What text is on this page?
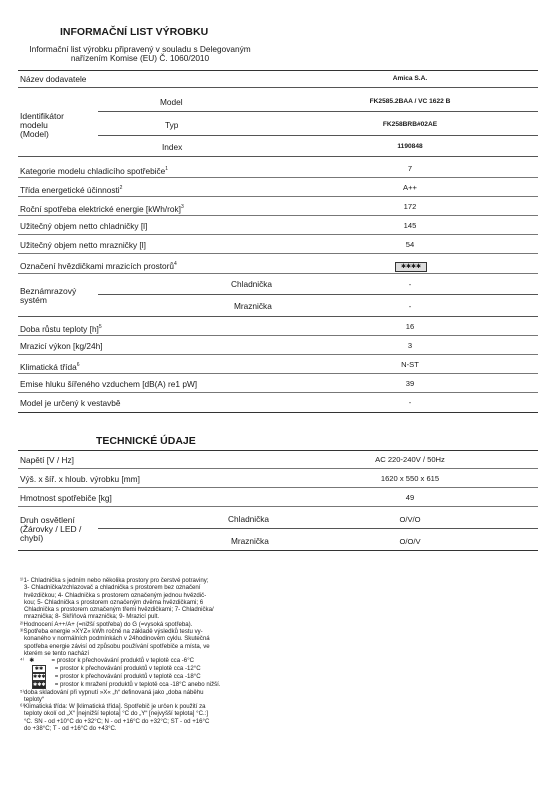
INFORMAČNÍ LIST VÝROBKU
Informační list výrobku připravený v souladu s Delegovaným
nařízením Komise (EU) Č. 1060/2010
Název dodavatele	Amica S.A.
Identifikátor
modelu
(Model)
Model	FK2585.2BAA / VC 1622 B
Typ	FK258BRB#02AE
Index	1190848
Kategorie modelu chladicího spotřebiče$^1$	7
Třída energetické účinnosti$^2$	A++
Roční spotřeba elektrické energie $[kWh/rok]^3$	172
Užitečný objem netto chladničky [l]	145
Užitečný objem netto mrazničky [l]	54
Označení hvězdičkami mrazicích prostorů$^4$	✱✱✱✱
Beznámrazový
systém
Chladnička	-
Mraznička	-
Doba růstu teploty $[h]^5$	16
Mrazicí výkon [kg/24h]	3
Klimatická třída$^6$	N-ST
Emise hluku šířeného vzduchem [dB(A) re1 pW]	39
Model je určený k vestavbě	-
TECHNICKÉ ÚDAJE
Napětí [V / Hz]	AC 220-240V / 50Hz
Výš. x šíř. x hloub. výrobku [mm]	1620 x 550 x 615
Hmotnost spotřebiče [kg]	49
Druh osvětlení
(Žárovky / LED /
chybí)
Chladnička	O/V/O
Mraznička	O/O/V
¹⁾1- Chladnička s jedním nebo několika prostory pro čerstvé potraviny;
3- Chladnička/zchlazovač a chladnička s prostorem bez označení
hvězdičkou; 4- Chladnička s prostorem označeným jednou hvězdič-
kou; 5- Chladnička s prostorem označeným dvěma hvězdičkami; 6
Chladnička s prostorem označeným třemi hvězdičkami; 7- Chladnička/
mraznička; 8- Skříňová mraznička; 9- Mrazicí pult.
²⁾Hodnocení A++/A+ (=nižší spotřeba) do G (=vysoká spotřeba).
³⁾Spotřeba energie »XYZ« kWh ročně na základě výsledků testu vy-
konaného v normálních podmínkách v 24hodinovém cyklu. Skutečná
spotřeba energie závisí od způsobu používání spotřebiče a místa, ve
kterém se tento nachází
⁴⁾ ✱	= prostor k přechovávání produktů v teplotě cca -6°C
✱✱ = prostor k přechovávání produktů v teplotě cca -12°C
✱✱✱ = prostor k přechovávání produktů v teplotě cca -18°C
✱✱✱✱ = prostor k mražení produktů v teplotě cca -18°C anebo nižší.
⁵⁾doba skladování při vypnutí »X« „h“ definovaná jako „doba náběhu
teploty“
⁶⁾Klimatická třída: W [klimatická třída]. Spotřebič je určen k použití za
teploty okolí od „X“ [nejnižší teplota] °C do „Y“ [nejvyšší teplota] °C.:]
°C. SN - od +10°C do +32°C; N - od +16°C do +32°C; ST - od +16°C
do +38°C; T - od +16°C do +43°C.
